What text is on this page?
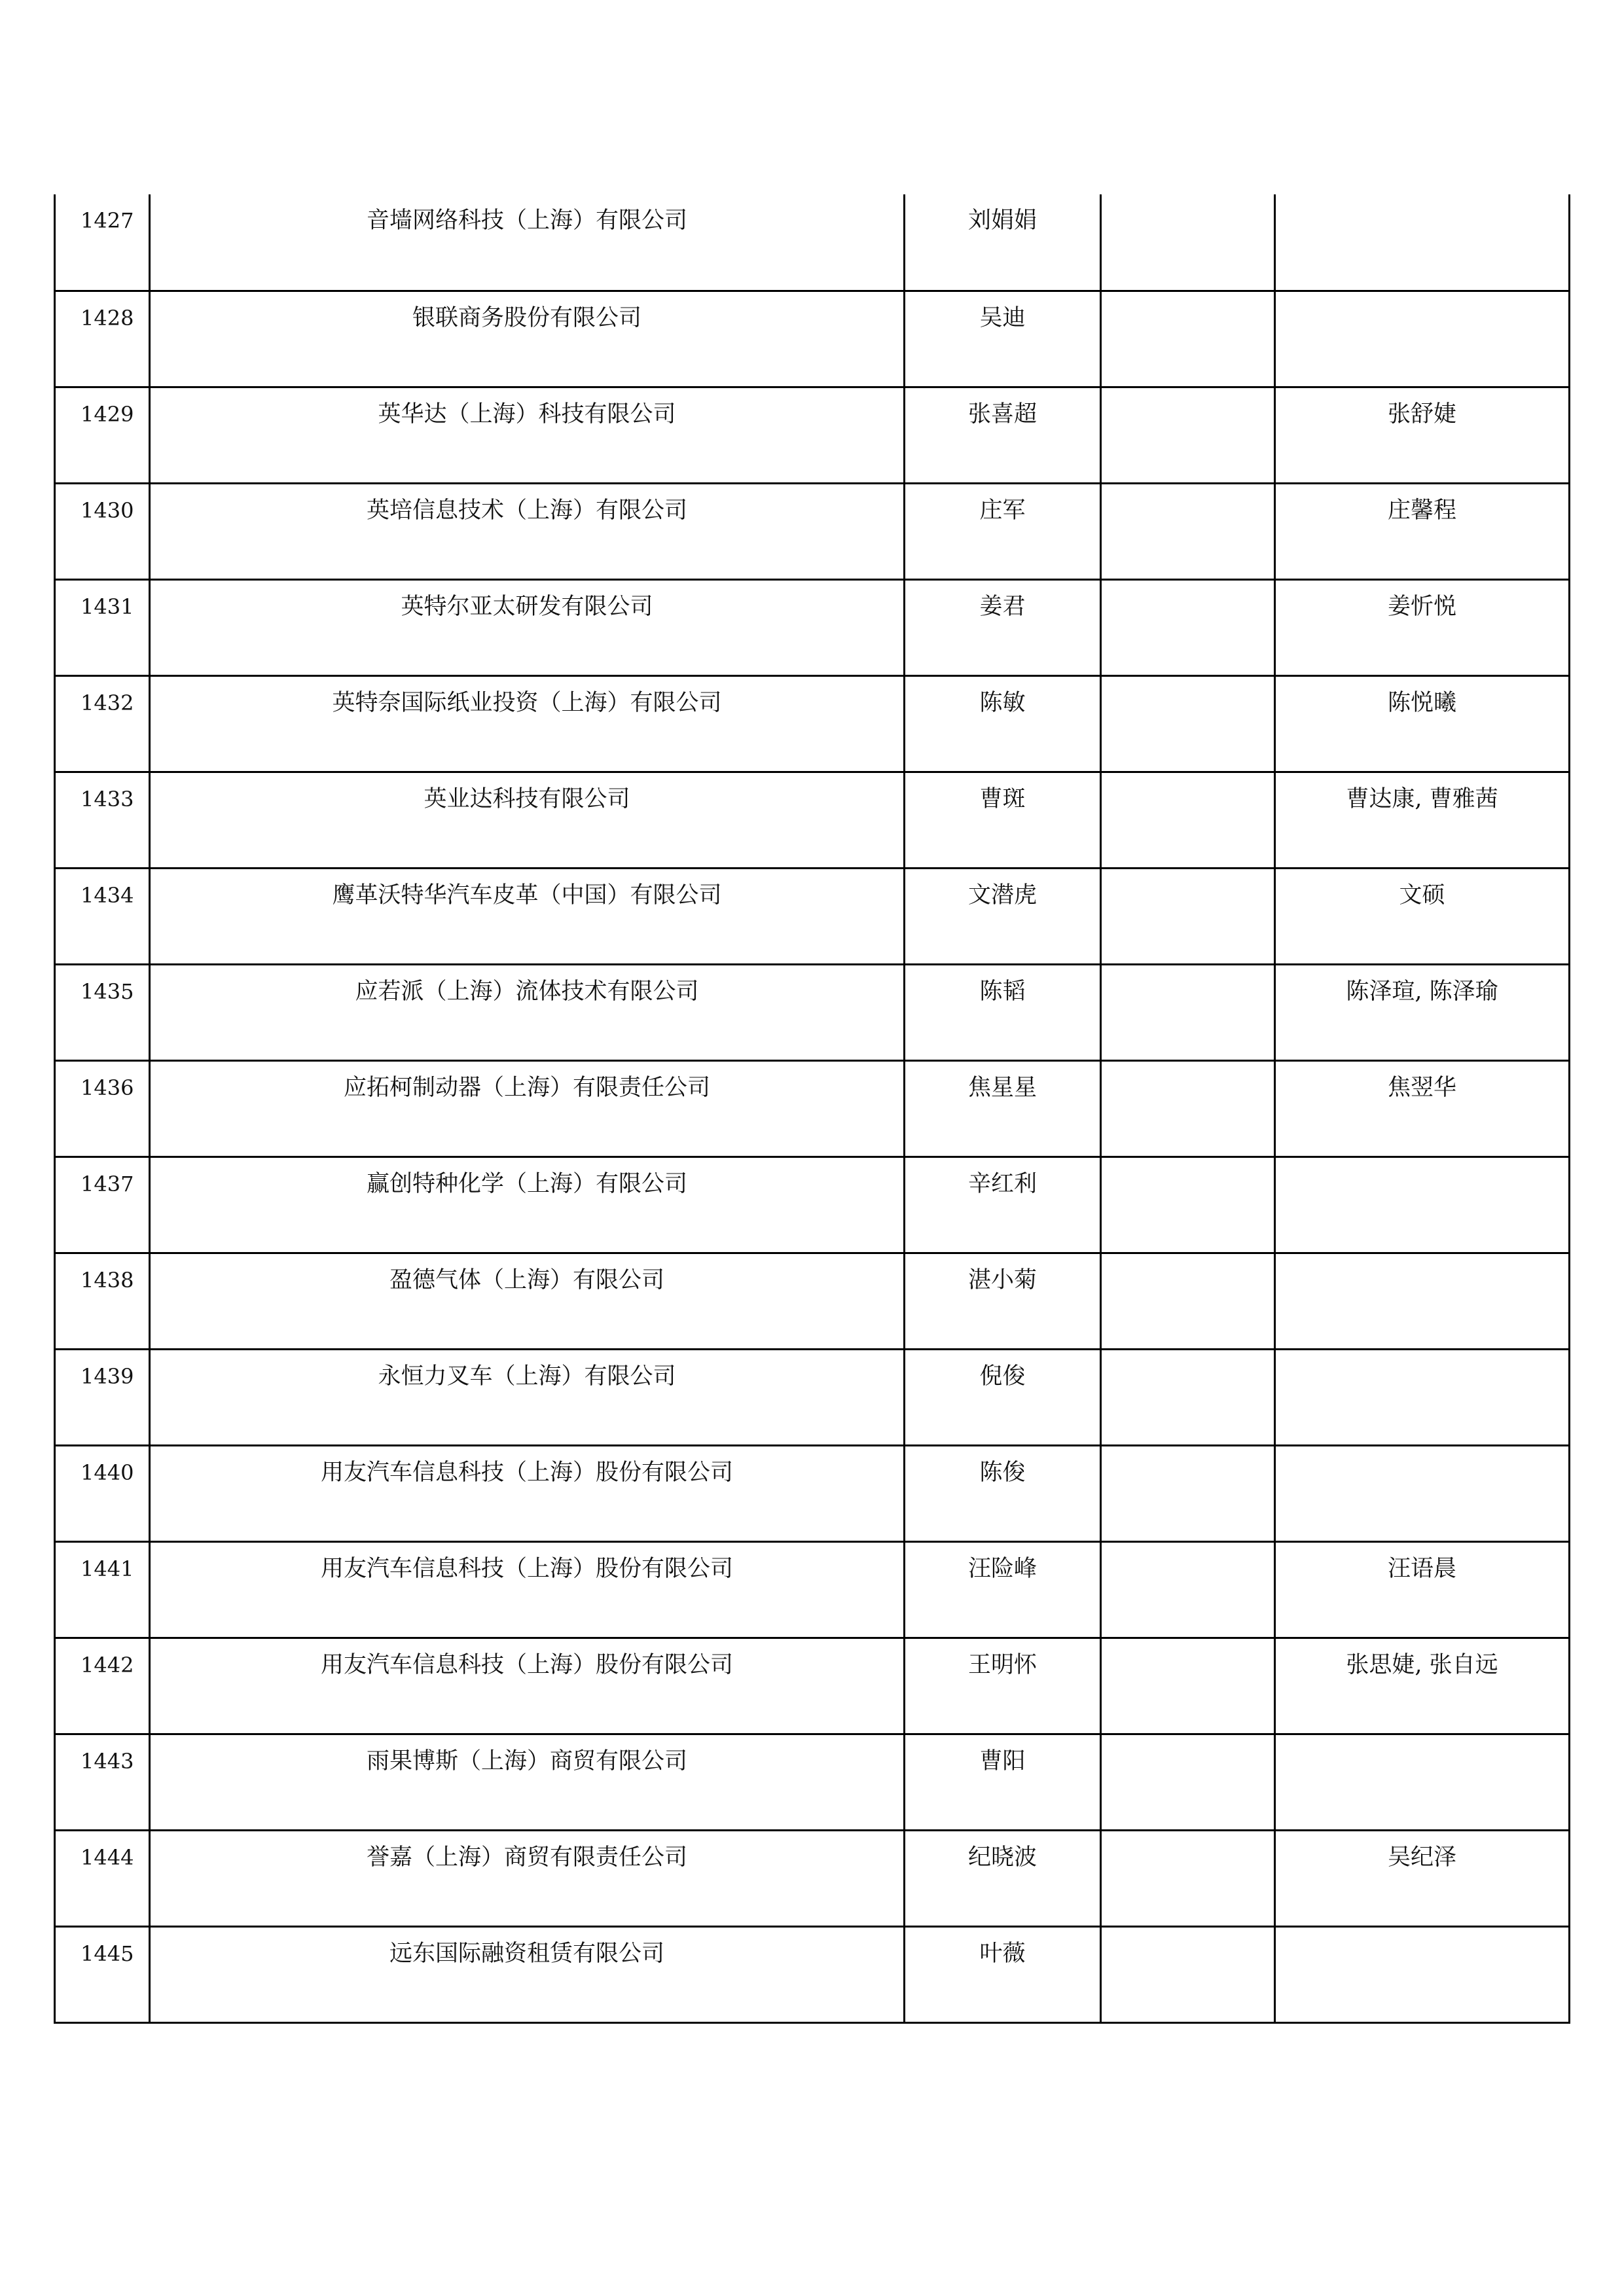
1427	音墙网络科技（上海）有限公司	刘娟娟		
1428	银联商务股份有限公司	吴迪		
1429	英华达（上海）科技有限公司	张喜超		张舒婕
1430	英培信息技术（上海）有限公司	庄军		庄馨程
1431	英特尔亚太研发有限公司	姜君		姜忻悦
1432	英特奈国际纸业投资（上海）有限公司	陈敏		陈悦曦
1433	英业达科技有限公司	曹斑		曹达康, 曹雅茜
1434	鹰革沃特华汽车皮革（中国）有限公司	文潜虎		文硕
1435	应若派（上海）流体技术有限公司	陈韬		陈泽瑄, 陈泽瑜
1436	应拓柯制动器（上海）有限责任公司	焦星星		焦翌华
1437	赢创特种化学（上海）有限公司	辛红利		
1438	盈德气体（上海）有限公司	湛小菊		
1439	永恒力叉车（上海）有限公司	倪俊		
1440	用友汽车信息科技（上海）股份有限公司	陈俊		
1441	用友汽车信息科技（上海）股份有限公司	汪险峰		汪语晨
1442	用友汽车信息科技（上海）股份有限公司	王明怀		张思婕, 张自远
1443	雨果博斯（上海）商贸有限公司	曹阳		
1444	誉嘉（上海）商贸有限责任公司	纪晓波		吴纪泽
1445	远东国际融资租赁有限公司	叶薇		
